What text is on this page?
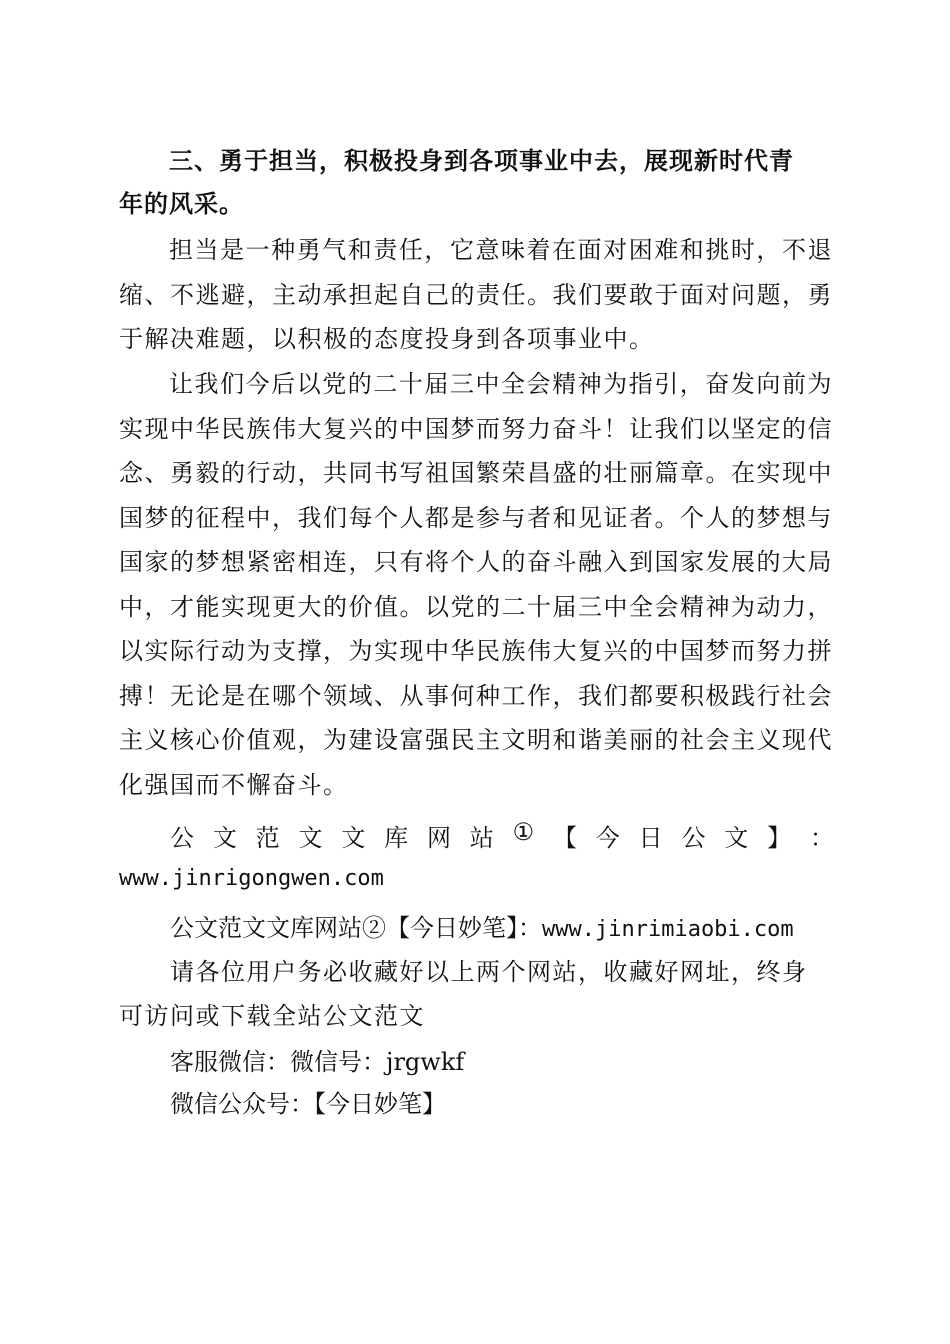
三、勇于担当，积极投身到各项事业中去，展现新时代青
年的风采。

担当是一种勇气和责任，它意味着在面对困难和挑时，不退缩、不逃避，主动承担起自己的责任。我们要敢于面对问题，勇于解决难题，以积极的态度投身到各项事业中。

让我们今后以党的二十届三中全会精神为指引，奋发向前为实现中华民族伟大复兴的中国梦而努力奋斗！让我们以坚定的信念、勇毅的行动，共同书写祖国繁荣昌盛的壮丽篇章。在实现中国梦的征程中，我们每个人都是参与者和见证者。个人的梦想与国家的梦想紧密相连，只有将个人的奋斗融入到国家发展的大局中，才能实现更大的价值。以党的二十届三中全会精神为动力，以实际行动为支撑，为实现中华民族伟大复兴的中国梦而努力拼搏！无论是在哪个领域、从事何种工作，我们都要积极践行社会主义核心价值观，为建设富强民主文明和谐美丽的社会主义现代化强国而不懈奋斗。

公 文 范 文 文 库 网 站 ① 【 今 日 公 文 】 ：
www.jinrigongwen.com
公文范文文库网站②【今日妙笔】：www.jinrimiaobi.com
请各位用户务必收藏好以上两个网站，收藏好网址，终身
可访问或下载全站公文范文
客服微信：微信号：jrgwkf
微信公众号：【今日妙笔】
